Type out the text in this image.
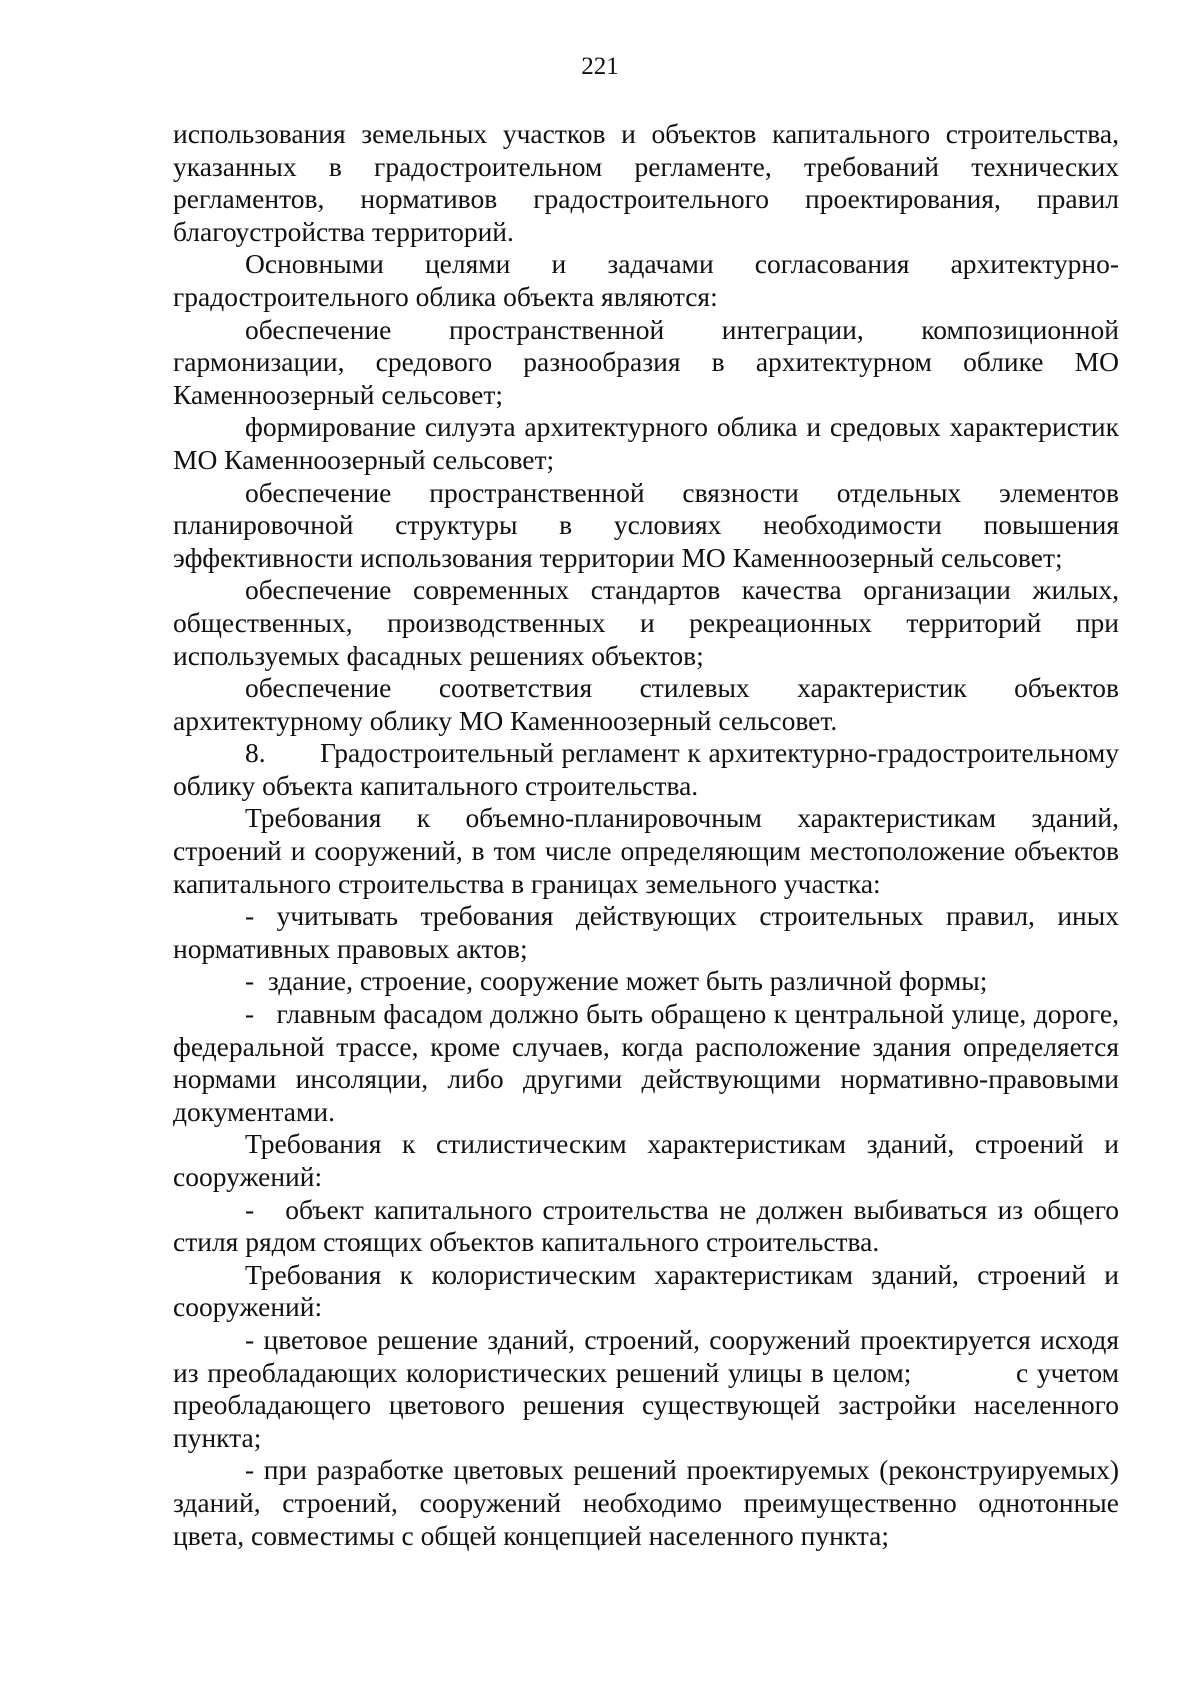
221

использования земельных участков и объектов капитального строительства, указанных в градостроительном регламенте, требований технических регламентов, нормативов градостроительного проектирования, правил благоустройства территорий.

Основными целями и задачами согласования архитектурно-градостроительного облика объекта являются:

обеспечение пространственной интеграции, композиционной гармонизации, средового разнообразия в архитектурном облике МО Каменноозерный сельсовет;

формирование силуэта архитектурного облика и средовых характеристик МО Каменноозерный сельсовет;

обеспечение пространственной связности отдельных элементов планировочной структуры в условиях необходимости повышения эффективности использования территории МО Каменноозерный сельсовет;

обеспечение современных стандартов качества организации жилых, общественных, производственных и рекреационных территорий при используемых фасадных решениях объектов;

обеспечение соответствия стилевых характеристик объектов архитектурному облику МО Каменноозерный сельсовет.

8.       Градостроительный регламент к архитектурно-градостроительному облику объекта капитального строительства.

Требования к объемно-планировочным характеристикам зданий, строений и сооружений, в том числе определяющим местоположение объектов капитального строительства в границах земельного участка:

- учитывать требования действующих строительных правил, иных нормативных правовых актов;

-  здание, строение, сооружение может быть различной формы;

-   главным фасадом должно быть обращено к центральной улице, дороге, федеральной трассе, кроме случаев, когда расположение здания определяется нормами инсоляции, либо другими действующими нормативно-правовыми документами.

Требования к стилистическим характеристикам зданий, строений и сооружений:

-   объект капитального строительства не должен выбиваться из общего стиля рядом стоящих объектов капитального строительства.

Требования к колористическим характеристикам зданий, строений и сооружений:

- цветовое решение зданий, строений, сооружений проектируется исходя из преобладающих колористических решений улицы в целом;            с учетом преобладающего цветового решения существующей застройки населенного пункта;

- при разработке цветовых решений проектируемых (реконструируемых) зданий, строений, сооружений необходимо преимущественно однотонные цвета, совместимы с общей концепцией населенного пункта;
